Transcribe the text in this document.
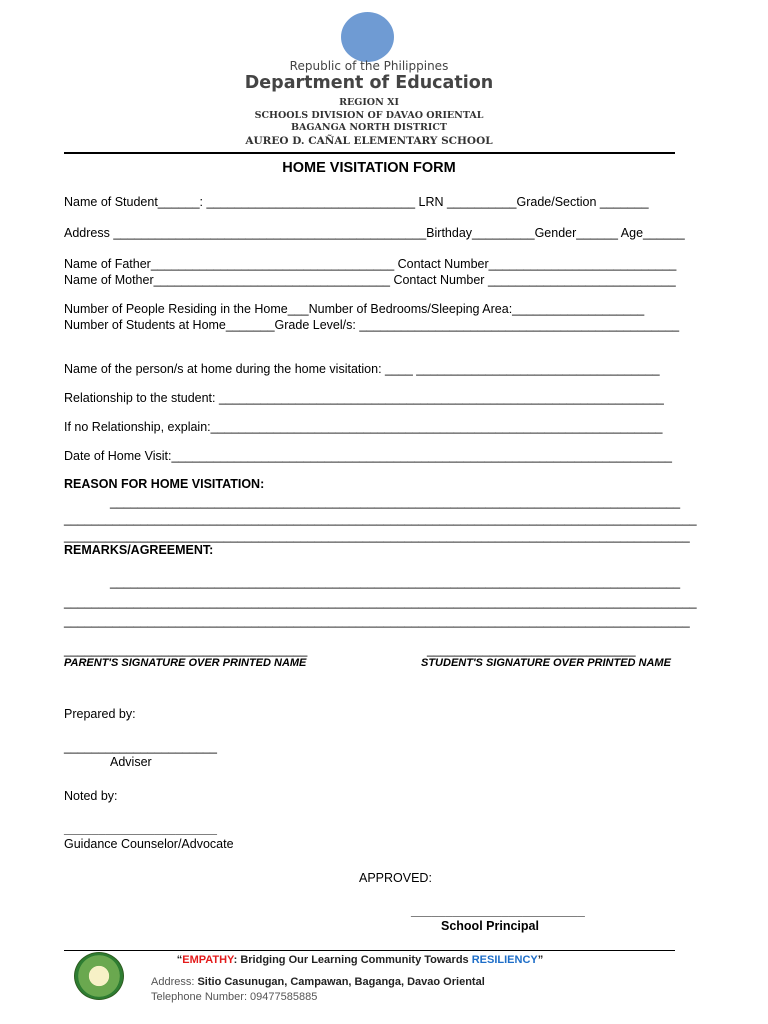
Republic of the Philippines
Department of Education
REGION XI
SCHOOLS DIVISION OF DAVAO ORIENTAL
BAGANGA NORTH DISTRICT
AUREO D. CAÑAL ELEMENTARY SCHOOL
HOME VISITATION FORM
Name of Student______: ______________________________ LRN __________Grade/Section _______
Address _____________________________________________Birthday_________Gender______ Age______
Name of Father___________________________________ Contact Number___________________________
Name of Mother__________________________________ Contact Number ___________________________
Number of People Residing in the Home___Number of Bedrooms/Sleeping Area:___________________
Number of Students at Home_______Grade Level/s: ______________________________________________
Name of the person/s at home during the home visitation: ____ ___________________________________
Relationship to the student: ________________________________________________________________
If no Relationship, explain:_________________________________________________________________
Date of Home Visit:________________________________________________________________________
REASON FOR HOME VISITATION:
__________________________________________________________________________________
___________________________________________________________________________________________
__________________________________________________________________________________________
REMARKS/AGREEMENT:
__________________________________________________________________________________
___________________________________________________________________________________________
__________________________________________________________________________________________
___________________________________	______________________________
PARENT'S SIGNATURE OVER PRINTED NAME	STUDENT'S SIGNATURE OVER PRINTED NAME
Prepared by:
______________________
Adviser
Noted by:
______________________
Guidance Counselor/Advocate
APPROVED:
_________________________
School Principal
“EMPATHY: Bridging Our Learning Community Towards RESILIENCY”
Address: Sitio Casunugan, Campawan, Baganga, Davao Oriental
Telephone Number: 09477585885
